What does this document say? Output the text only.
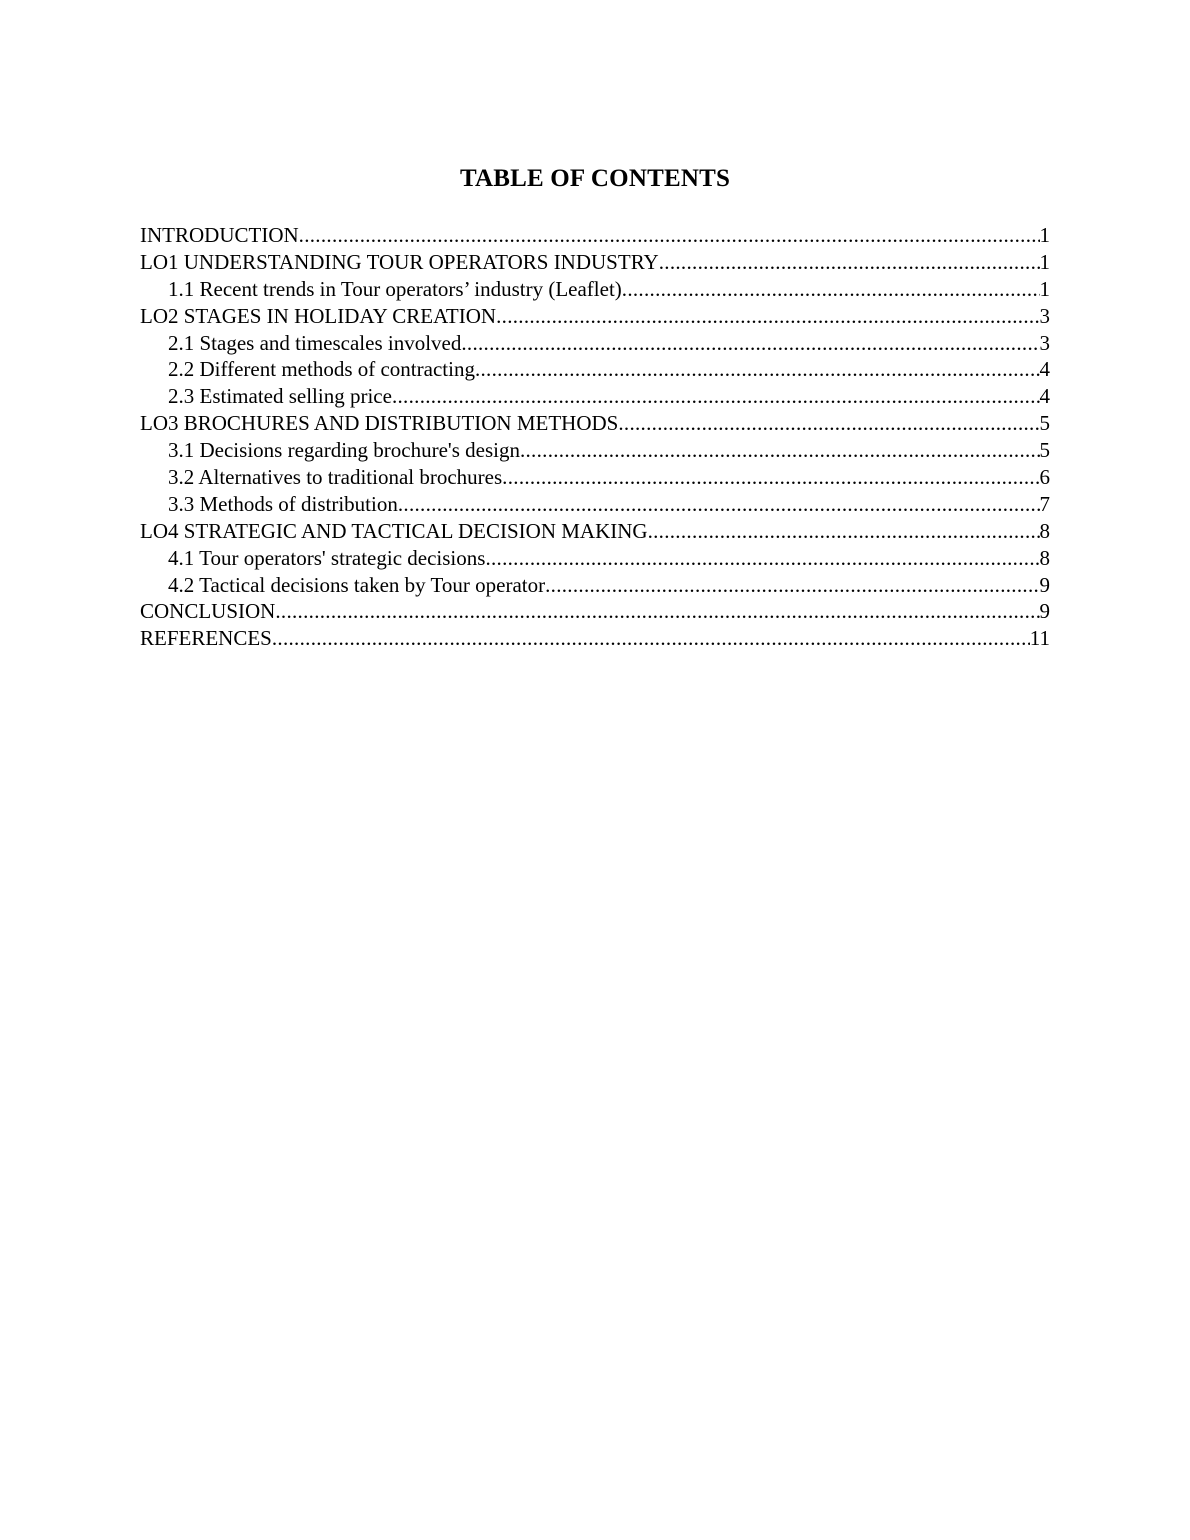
TABLE OF CONTENTS
INTRODUCTION .....	1
LO1 UNDERSTANDING TOUR OPERATORS INDUSTRY .....	1
1.1 Recent trends in Tour operators’ industry (Leaflet) .....	1
LO2 STAGES IN HOLIDAY CREATION .....	3
2.1 Stages and timescales involved .....	3
2.2 Different methods of contracting .....	4
2.3 Estimated selling price .....	4
LO3 BROCHURES AND DISTRIBUTION METHODS .....	5
3.1 Decisions regarding brochure's design .....	5
3.2 Alternatives to traditional brochures .....	6
3.3 Methods of distribution .....	7
LO4 STRATEGIC AND TACTICAL DECISION MAKING .....	8
4.1 Tour operators' strategic decisions .....	8
4.2 Tactical decisions taken by Tour operator .....	9
CONCLUSION .....	9
REFERENCES .....	11
